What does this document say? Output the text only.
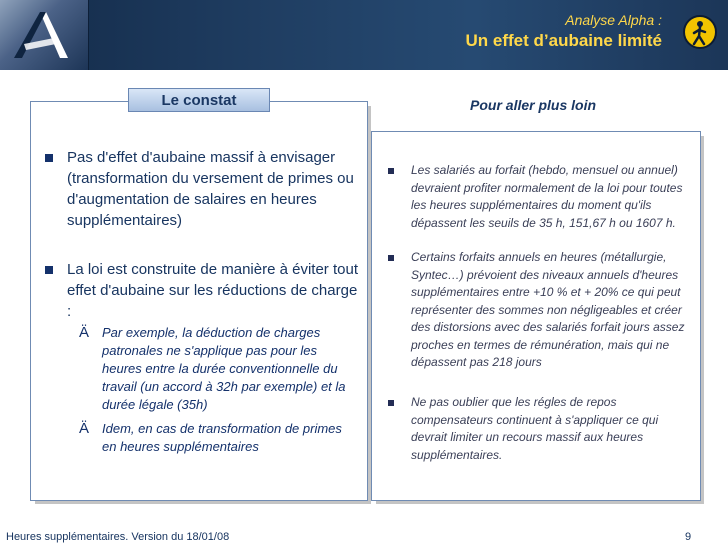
Analyse Alpha :
Un effet d’aubaine limité
Le constat
Pas d'effet d'aubaine massif à envisager
(transformation du versement de primes ou
d'augmentation de salaires en heures
supplémentaires)
La loi est construite de manière à éviter tout
effet d'aubaine sur les réductions de charge
:
Ä Par exemple, la déduction de charges
patronales ne s'applique pas pour les
heures entre la durée conventionnelle du
travail (un accord à 32h par exemple) et la
durée légale (35h)
Ä Idem, en cas de transformation de primes
en heures supplémentaires
Pour aller plus loin
Les salariés au forfait (hebdo, mensuel ou annuel)
devraient profiter normalement de la loi pour toutes
les heures supplémentaires du moment qu'ils
dépassent les seuils de 35 h, 151,67 h ou 1607 h.
Certains forfaits annuels en heures (métallurgie,
Syntec…) prévoient des niveaux annuels d'heures
supplémentaires entre +10 % et + 20% ce qui peut
représenter des sommes non négligeables et créer
des distorsions avec des salariés forfait jours assez
proches en termes de rémunération, mais qui ne
dépassent pas 218 jours
Ne pas oublier que les régles de repos
compensateurs continuent à s'appliquer ce qui
devrait limiter un recours massif aux heures
supplémentaires.
Heures supplémentaires. Version du 18/01/08	9
